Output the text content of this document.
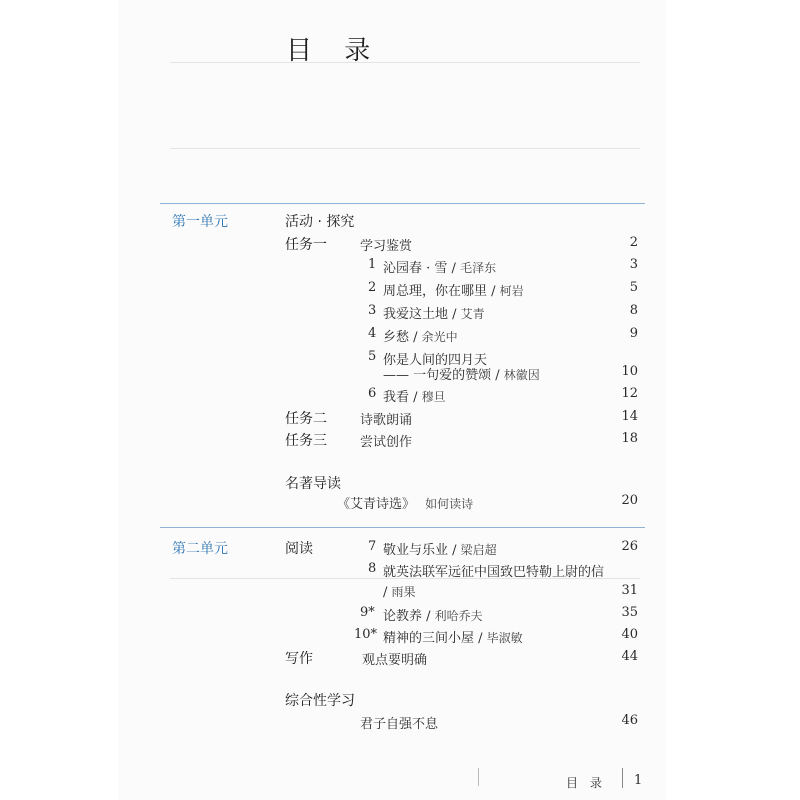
目 录
第一单元	活动 · 探究
任务一	学习鉴赏	2
1 沁园春 · 雪 / 毛泽东	3
2 周总理，你在哪里 / 柯岩	5
3 我爱这土地 / 艾青	8
4 乡愁 / 余光中	9
5 你是人间的四月天
—— 一句爱的赞颂 / 林徽因	10
6 我看 / 穆旦	12
任务二	诗歌朗诵	14
任务三	尝试创作	18
名著导读
《艾青诗选》 如何读诗	20
第二单元	阅读	7 敬业与乐业 / 梁启超	26
8 就英法联军远征中国致巴特勒上尉的信
/ 雨果	31
9* 论教养 / 利哈乔夫	35
10* 精神的三间小屋 / 毕淑敏	40
写作	观点要明确	44
综合性学习
君子自强不息	46
目 录 1
